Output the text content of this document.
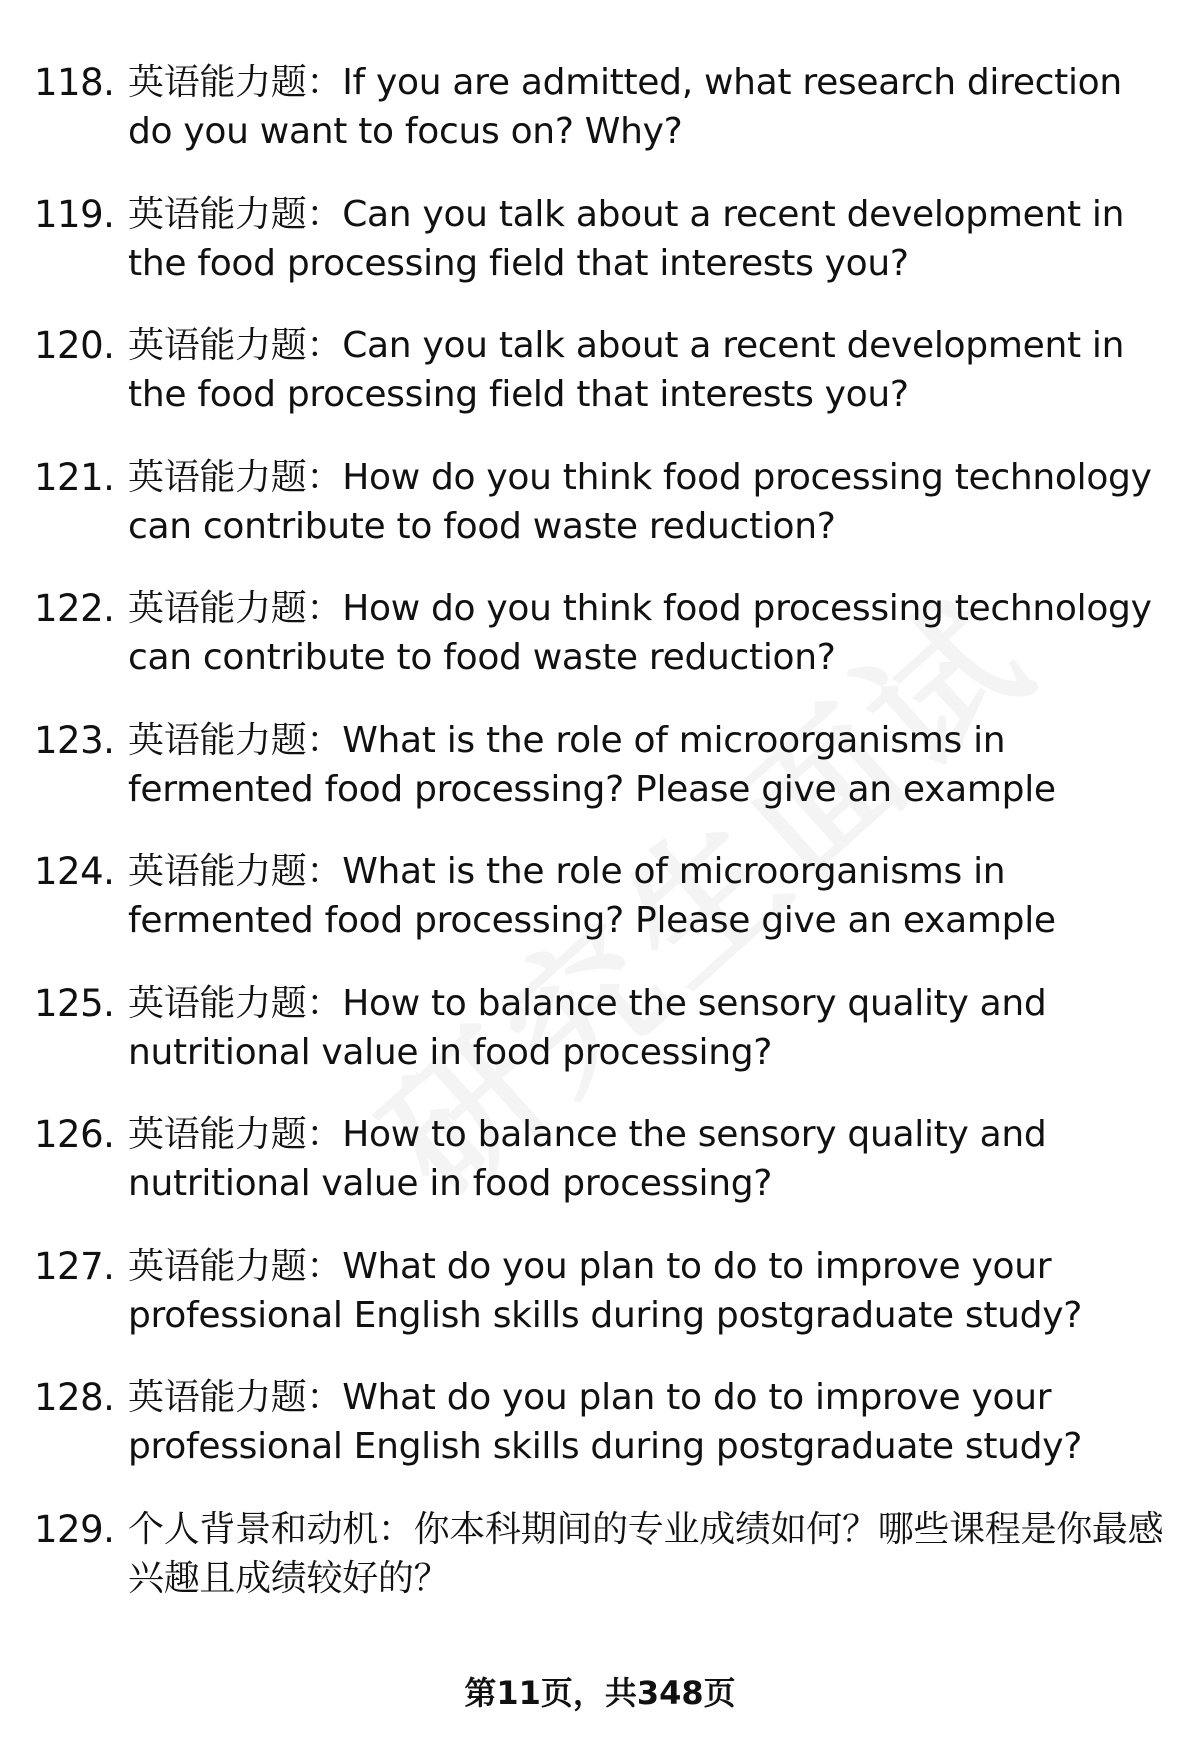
118. 英语能力题：If you are admitted, what research direction do you want to focus on? Why?
119. 英语能力题：Can you talk about a recent development in the food processing field that interests you?
120. 英语能力题：Can you talk about a recent development in the food processing field that interests you?
121. 英语能力题：How do you think food processing technology can contribute to food waste reduction?
122. 英语能力题：How do you think food processing technology can contribute to food waste reduction?
123. 英语能力题：What is the role of microorganisms in fermented food processing? Please give an example
124. 英语能力题：What is the role of microorganisms in fermented food processing? Please give an example
125. 英语能力题：How to balance the sensory quality and nutritional value in food processing?
126. 英语能力题：How to balance the sensory quality and nutritional value in food processing?
127. 英语能力题：What do you plan to do to improve your professional English skills during postgraduate study?
128. 英语能力题：What do you plan to do to improve your professional English skills during postgraduate study?
129. 个人背景和动机：你本科期间的专业成绩如何？哪些课程是你最感兴趣且成绩较好的？
第11页，共348页
